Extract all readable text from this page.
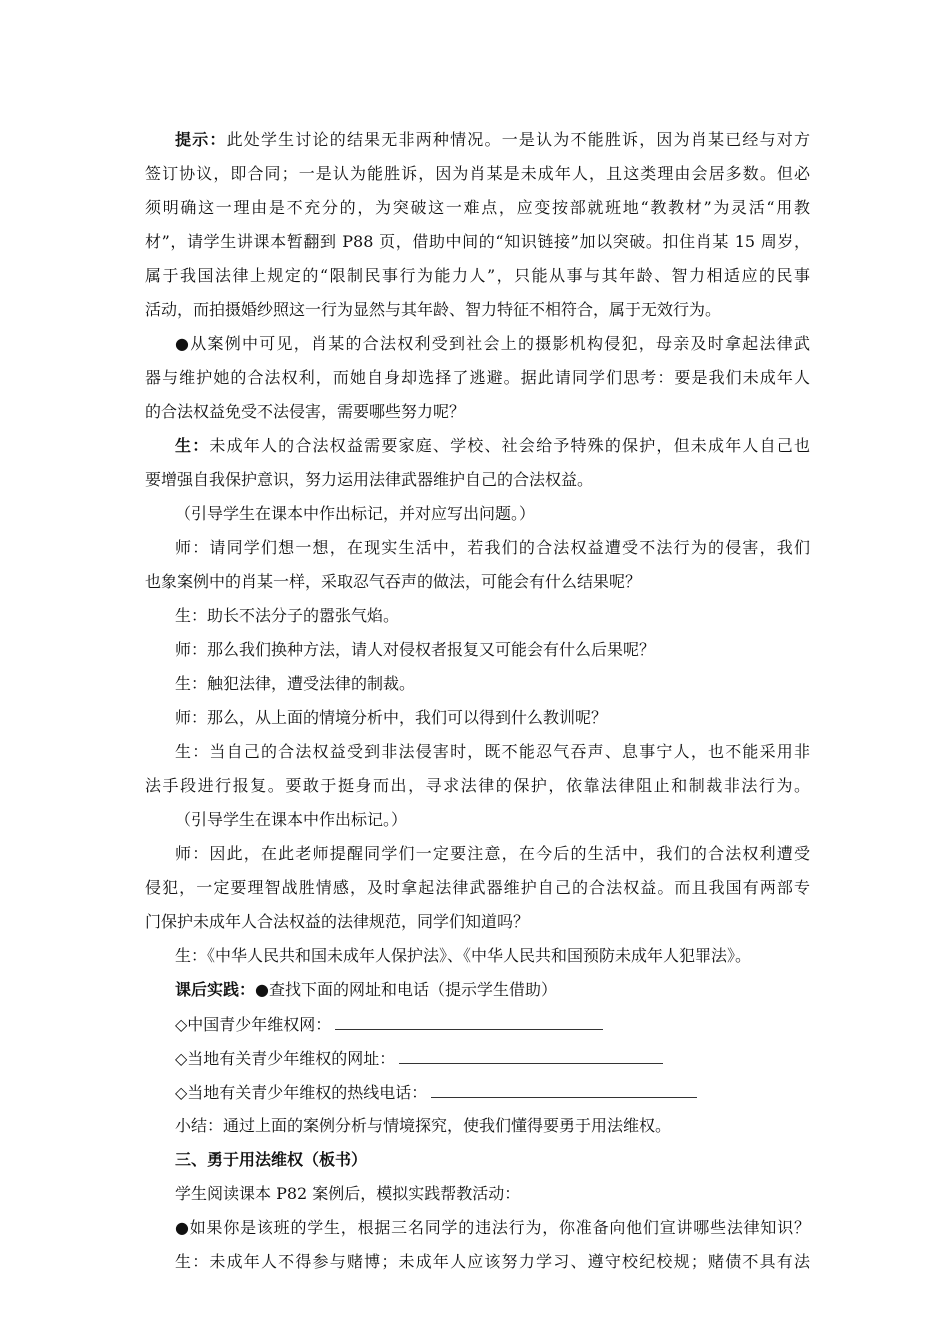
提示：此处学生讨论的结果无非两种情况。一是认为不能胜诉，因为肖某已经与对方
签订协议，即合同；一是认为能胜诉，因为肖某是未成年人，且这类理由会居多数。但必
须明确这一理由是不充分的，为突破这一难点，应变按部就班地“教教材”为灵活“用教
材”，请学生讲课本暂翻到 P88 页，借助中间的“知识链接”加以突破。扣住肖某 15 周岁，
属于我国法律上规定的“限制民事行为能力人”，只能从事与其年龄、智力相适应的民事
活动，而拍摄婚纱照这一行为显然与其年龄、智力特征不相符合，属于无效行为。
●从案例中可见，肖某的合法权利受到社会上的摄影机构侵犯，母亲及时拿起法律武
器与维护她的合法权利，而她自身却选择了逃避。据此请同学们思考：要是我们未成年人
的合法权益免受不法侵害，需要哪些努力呢？
生：未成年人的合法权益需要家庭、学校、社会给予特殊的保护，但未成年人自己也
要增强自我保护意识，努力运用法律武器维护自己的合法权益。
（引导学生在课本中作出标记，并对应写出问题。）
师：请同学们想一想，在现实生活中，若我们的合法权益遭受不法行为的侵害，我们
也象案例中的肖某一样，采取忍气吞声的做法，可能会有什么结果呢？
生：助长不法分子的嚣张气焰。
师：那么我们换种方法，请人对侵权者报复又可能会有什么后果呢？
生：触犯法律，遭受法律的制裁。
师：那么，从上面的情境分析中，我们可以得到什么教训呢？
生：当自己的合法权益受到非法侵害时，既不能忍气吞声、息事宁人，也不能采用非
法手段进行报复。要敢于挺身而出，寻求法律的保护，依靠法律阻止和制裁非法行为。
（引导学生在课本中作出标记。）
师：因此，在此老师提醒同学们一定要注意，在今后的生活中，我们的合法权利遭受
侵犯，一定要理智战胜情感，及时拿起法律武器维护自己的合法权益。而且我国有两部专
门保护未成年人合法权益的法律规范，同学们知道吗？
生：《中华人民共和国未成年人保护法》、《中华人民共和国预防未成年人犯罪法》。
课后实践：●查找下面的网址和电话（提示学生借助）
◇中国青少年维权网：
◇当地有关青少年维权的网址：
◇当地有关青少年维权的热线电话：
小结：通过上面的案例分析与情境探究，使我们懂得要勇于用法维权。
三、勇于用法维权（板书）
学生阅读课本 P82 案例后，模拟实践帮教活动：
●如果你是该班的学生，根据三名同学的违法行为，你准备向他们宣讲哪些法律知识？
生：未成年人不得参与赌博；未成年人应该努力学习、遵守校纪校规；赌债不具有法
